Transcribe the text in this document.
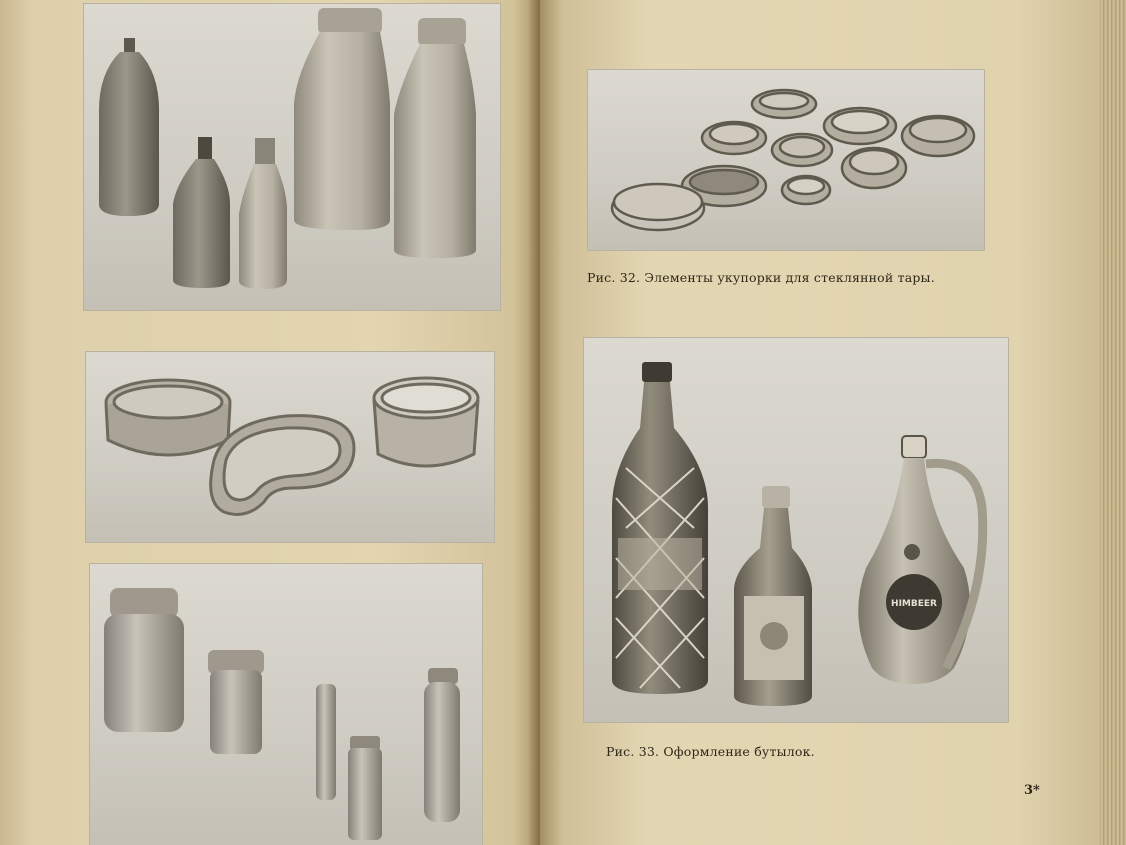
Рис. 32. Элементы укупорки для стеклянной тары.
HIMBEER
Рис. 33. Оформление бутылок.
3*
